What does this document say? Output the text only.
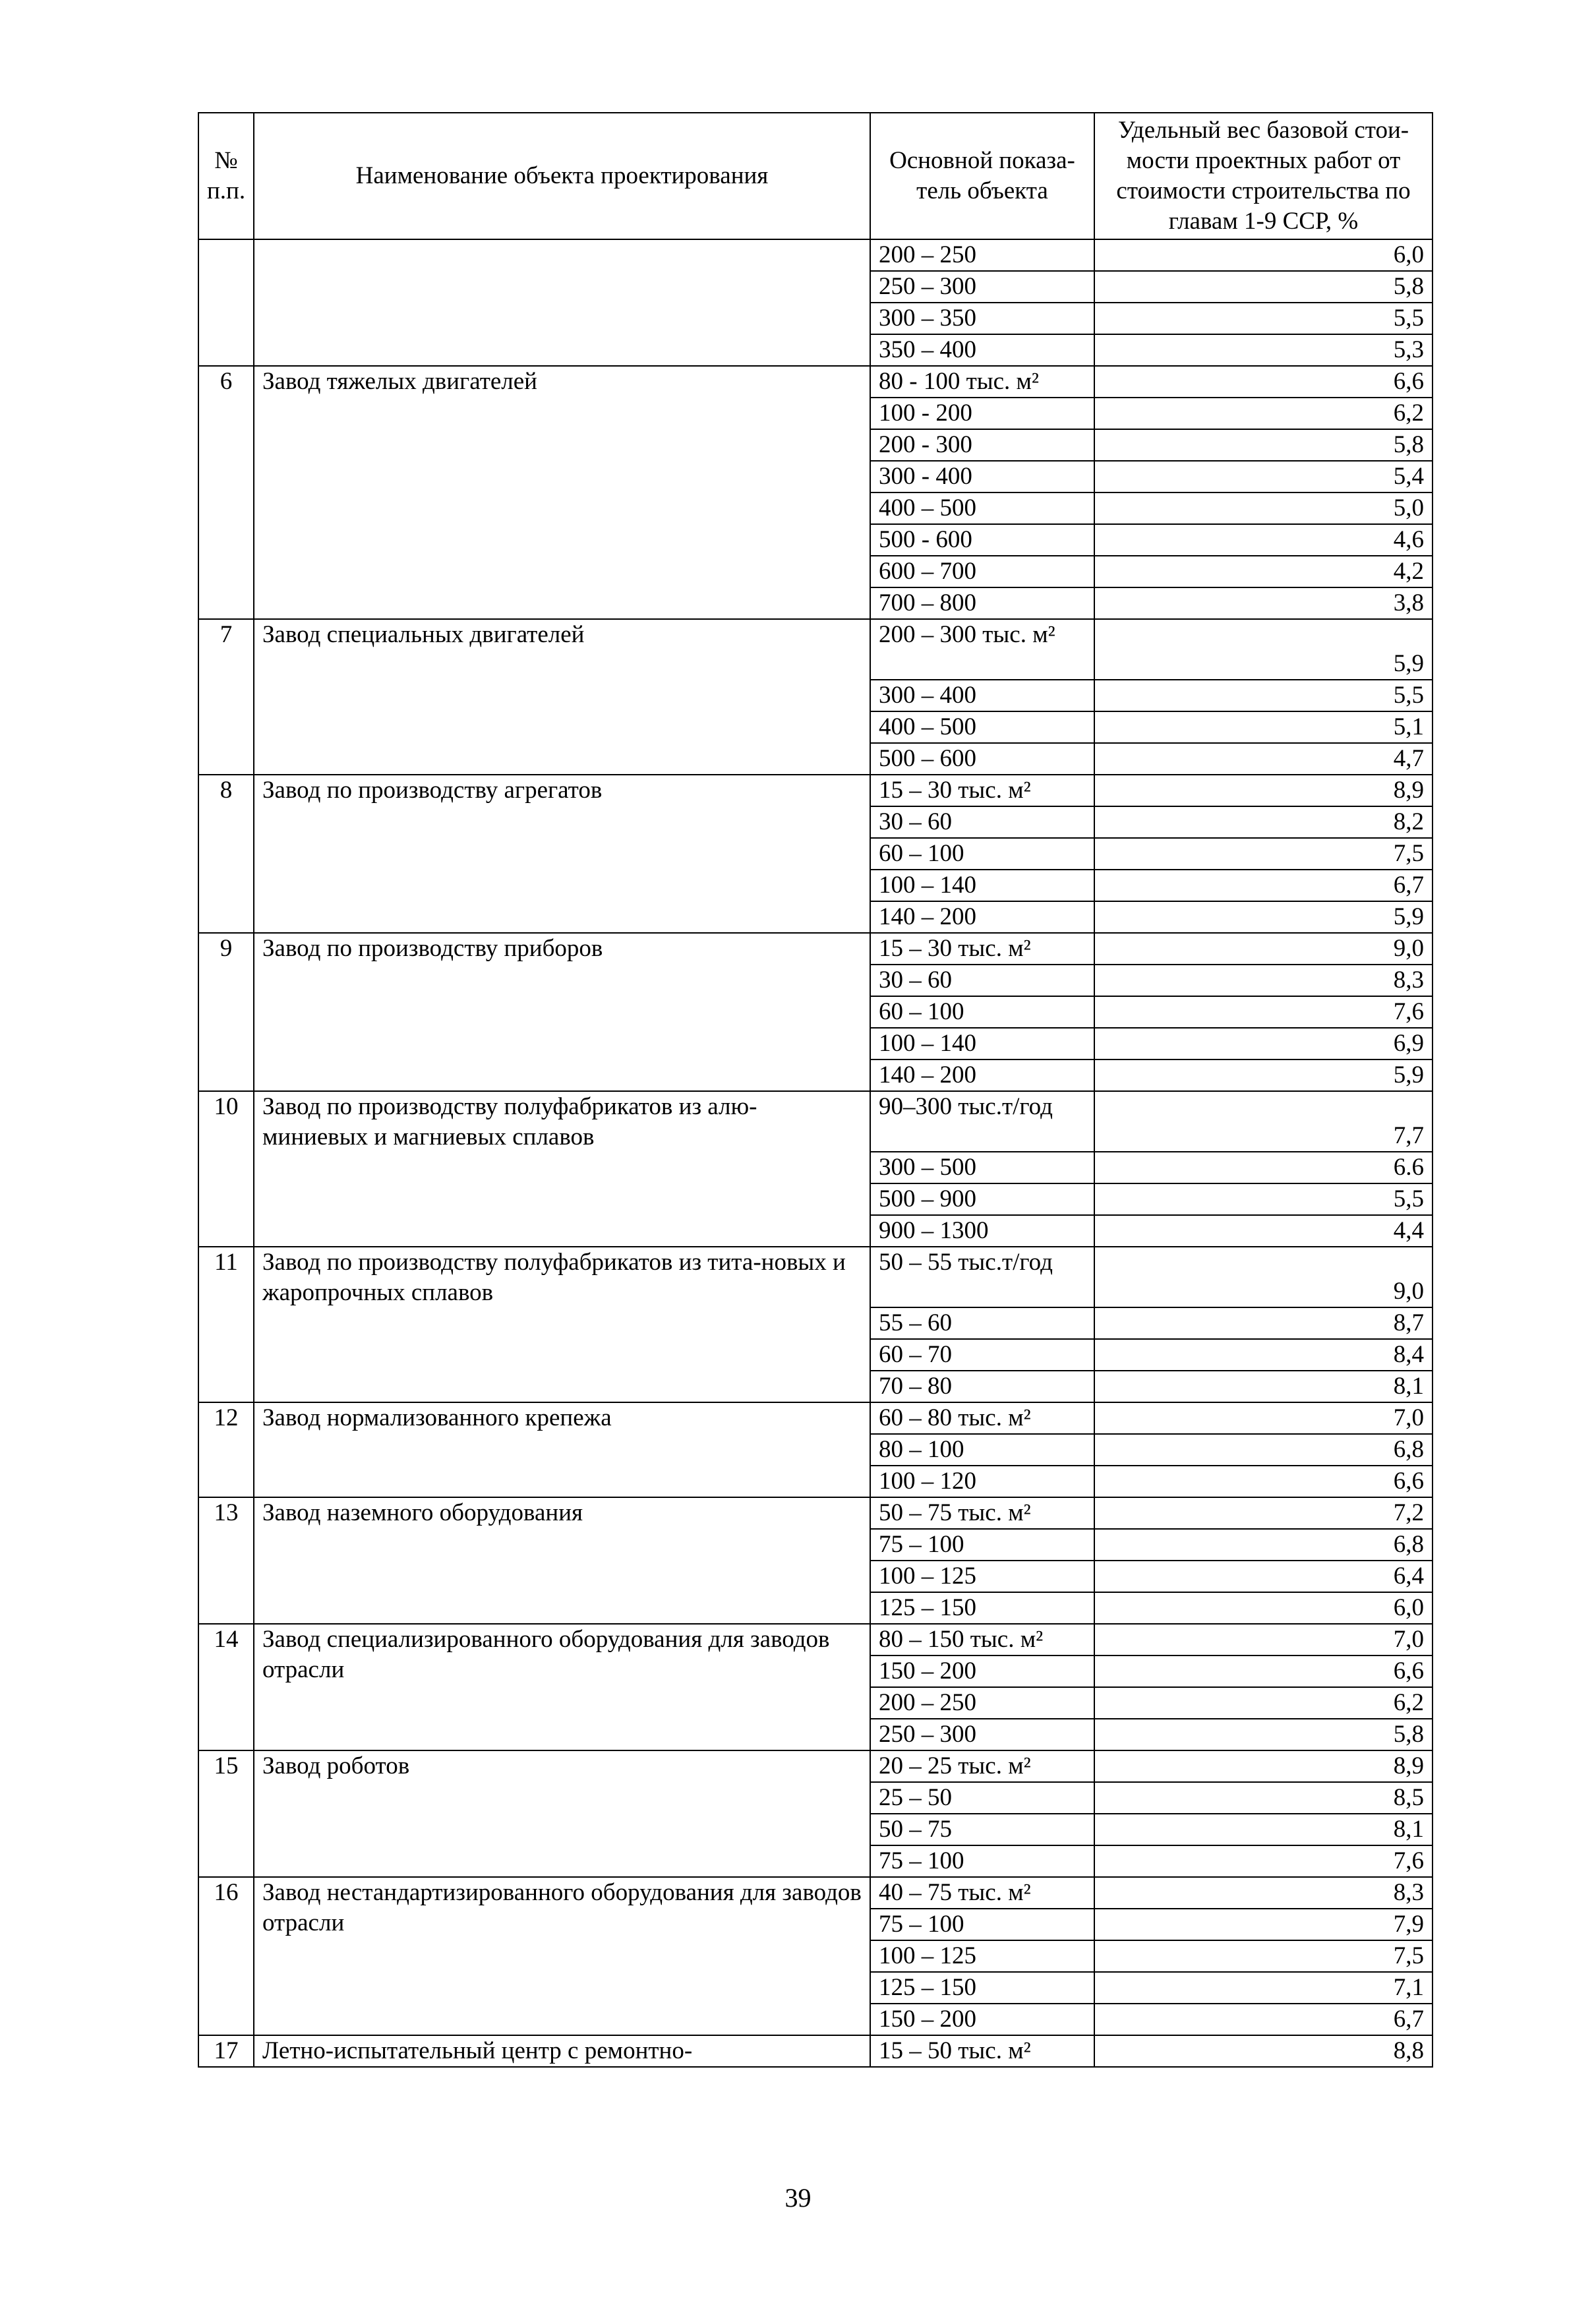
№ п.п.	Наименование объекта проектирования	Основной показа-тель объекта	Удельный вес базовой стои-мости проектных работ от стоимости строительства по главам 1-9 ССР, %
		200 – 250	6,0
		250 – 300	5,8
		300 – 350	5,5
		350 – 400	5,3
6	Завод тяжелых двигателей	80 - 100 тыс. м²	6,6
		100 - 200	6,2
		200 - 300	5,8
		300 - 400	5,4
		400 – 500	5,0
		500 - 600	4,6
		600 – 700	4,2
		700 – 800	3,8
7	Завод специальных двигателей	200 – 300 тыс. м²	5,9
		300 – 400	5,5
		400 – 500	5,1
		500 – 600	4,7
8	Завод по производству агрегатов	15 – 30 тыс. м²	8,9
		30 – 60	8,2
		60 – 100	7,5
		100 – 140	6,7
		140 – 200	5,9
9	Завод по производству приборов	15 – 30 тыс. м²	9,0
		30 – 60	8,3
		60 – 100	7,6
		100 – 140	6,9
		140 – 200	5,9
10	Завод по производству полуфабрикатов из алю-миниевых и магниевых сплавов	90–300 тыс.т/год	7,7
		300 – 500	6.6
		500 – 900	5,5
		900 – 1300	4,4
11	Завод по производству полуфабрикатов из тита-новых и жаропрочных сплавов	50 – 55 тыс.т/год	9,0
		55 – 60	8,7
		60 – 70	8,4
		70 – 80	8,1
12	Завод нормализованного крепежа	60 – 80 тыс. м²	7,0
		80 – 100	6,8
		100 – 120	6,6
13	Завод наземного оборудования	50 – 75 тыс. м²	7,2
		75 – 100	6,8
		100 – 125	6,4
		125 – 150	6,0
14	Завод специализированного оборудования для заводов отрасли	80 – 150 тыс. м²	7,0
		150 – 200	6,6
		200 – 250	6,2
		250 – 300	5,8
15	Завод роботов	20 – 25 тыс. м²	8,9
		25 – 50	8,5
		50 – 75	8,1
		75 – 100	7,6
16	Завод нестандартизированного оборудования для заводов отрасли	40 – 75 тыс. м²	8,3
		75 – 100	7,9
		100 – 125	7,5
		125 – 150	7,1
		150 – 200	6,7
17	Летно-испытательный центр с ремонтно-	15 – 50 тыс. м²	8,8
39
